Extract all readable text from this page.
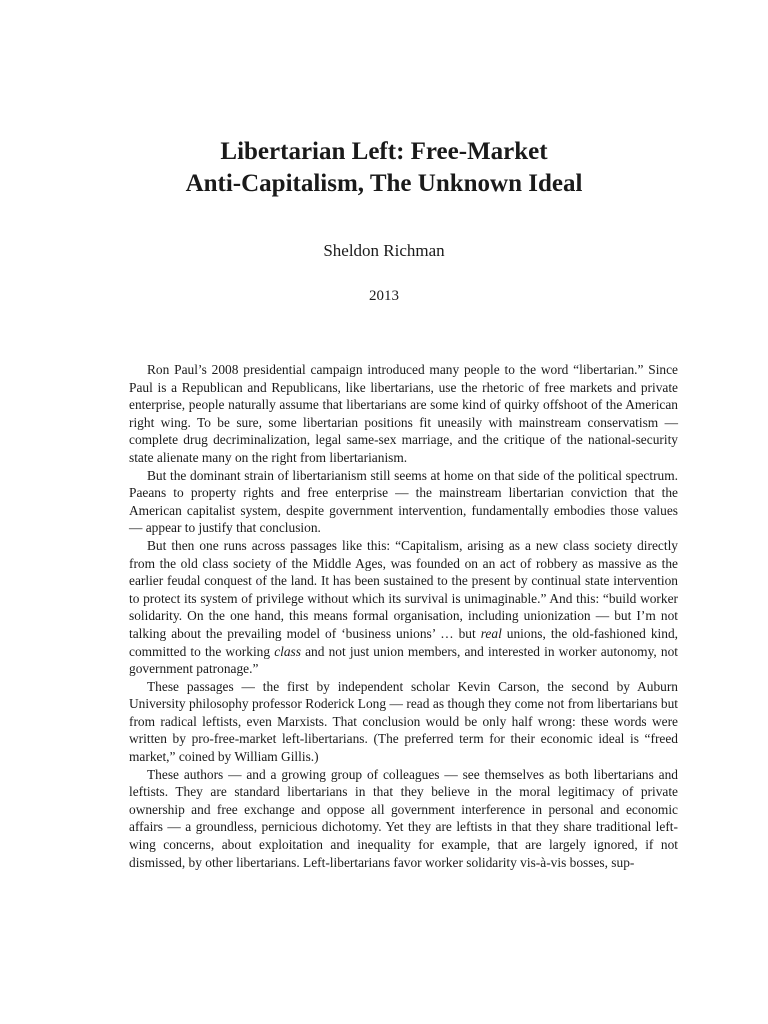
Libertarian Left: Free-Market
Anti-Capitalism, The Unknown Ideal

Sheldon Richman

2013

Ron Paul’s 2008 presidential campaign introduced many people to the word “libertarian.” Since Paul is a Republican and Republicans, like libertarians, use the rhetoric of free markets and private enterprise, people naturally assume that libertarians are some kind of quirky offshoot of the American right wing. To be sure, some libertarian positions fit uneasily with mainstream conservatism — complete drug decriminalization, legal same-sex marriage, and the critique of the national-security state alienate many on the right from libertarianism.

But the dominant strain of libertarianism still seems at home on that side of the political spectrum. Paeans to property rights and free enterprise — the mainstream libertarian conviction that the American capitalist system, despite government intervention, fundamentally embodies those values — appear to justify that conclusion.

But then one runs across passages like this: “Capitalism, arising as a new class society directly from the old class society of the Middle Ages, was founded on an act of robbery as massive as the earlier feudal conquest of the land. It has been sustained to the present by continual state intervention to protect its system of privilege without which its survival is unimaginable.” And this: “build worker solidarity. On the one hand, this means formal organisation, including unionization — but I’m not talking about the prevailing model of ‘business unions’ … but real unions, the old-fashioned kind, committed to the working class and not just union members, and interested in worker autonomy, not government patronage.”

These passages — the first by independent scholar Kevin Carson, the second by Auburn University philosophy professor Roderick Long — read as though they come not from libertarians but from radical leftists, even Marxists. That conclusion would be only half wrong: these words were written by pro-free-market left-libertarians. (The preferred term for their economic ideal is “freed market,” coined by William Gillis.)

These authors — and a growing group of colleagues — see themselves as both libertarians and leftists. They are standard libertarians in that they believe in the moral legitimacy of private ownership and free exchange and oppose all government interference in personal and economic affairs — a groundless, pernicious dichotomy. Yet they are leftists in that they share traditional left-wing concerns, about exploitation and inequality for example, that are largely ignored, if not dismissed, by other libertarians. Left-libertarians favor worker solidarity vis-à-vis bosses, sup-
